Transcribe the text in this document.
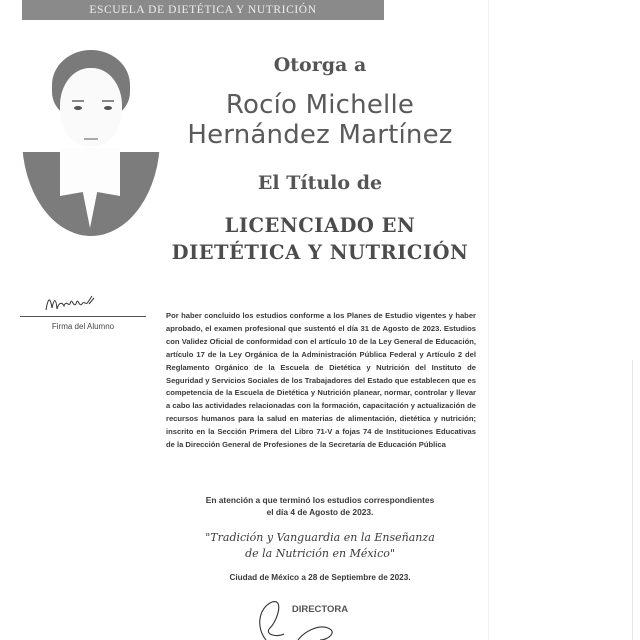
ESCUELA DE DIETÉTICA Y NUTRICIÓN
Firma del Alumno
Otorga a
Rocío Michelle
Hernández Martínez
El Título de
LICENCIADO EN
DIETÉTICA Y NUTRICIÓN
Por haber concluido los estudios conforme a los Planes de Estudio vigentes y haber aprobado, el examen profesional que sustentó el día 31 de Agosto de 2023. Estudios con Validez Oficial de conformidad con el artículo 10 de la Ley General de Educación, artículo 17 de la Ley Orgánica de la Administración Pública Federal y Artículo 2 del Reglamento Orgánico de la Escuela de Dietética y Nutrición del Instituto de Seguridad y Servicios Sociales de los Trabajadores del Estado que establecen que es competencia de la Escuela de Dietética y Nutrición planear, normar, controlar y llevar a cabo las actividades relacionadas con la formación, capacitación y actualización de recursos humanos para la salud en materias de alimentación, dietética y nutrición; inscrito en la Sección Primera del Libro 71-V a fojas 74 de Instituciones Educativas de la Dirección General de Profesiones de la Secretaría de Educación Pública
En atención a que terminó los estudios correspondientes
el día 4 de Agosto de 2023.
"Tradición y Vanguardia en la Enseñanza
de la Nutrición en México"
Ciudad de México a 28 de Septiembre de 2023.
DIRECTORA
